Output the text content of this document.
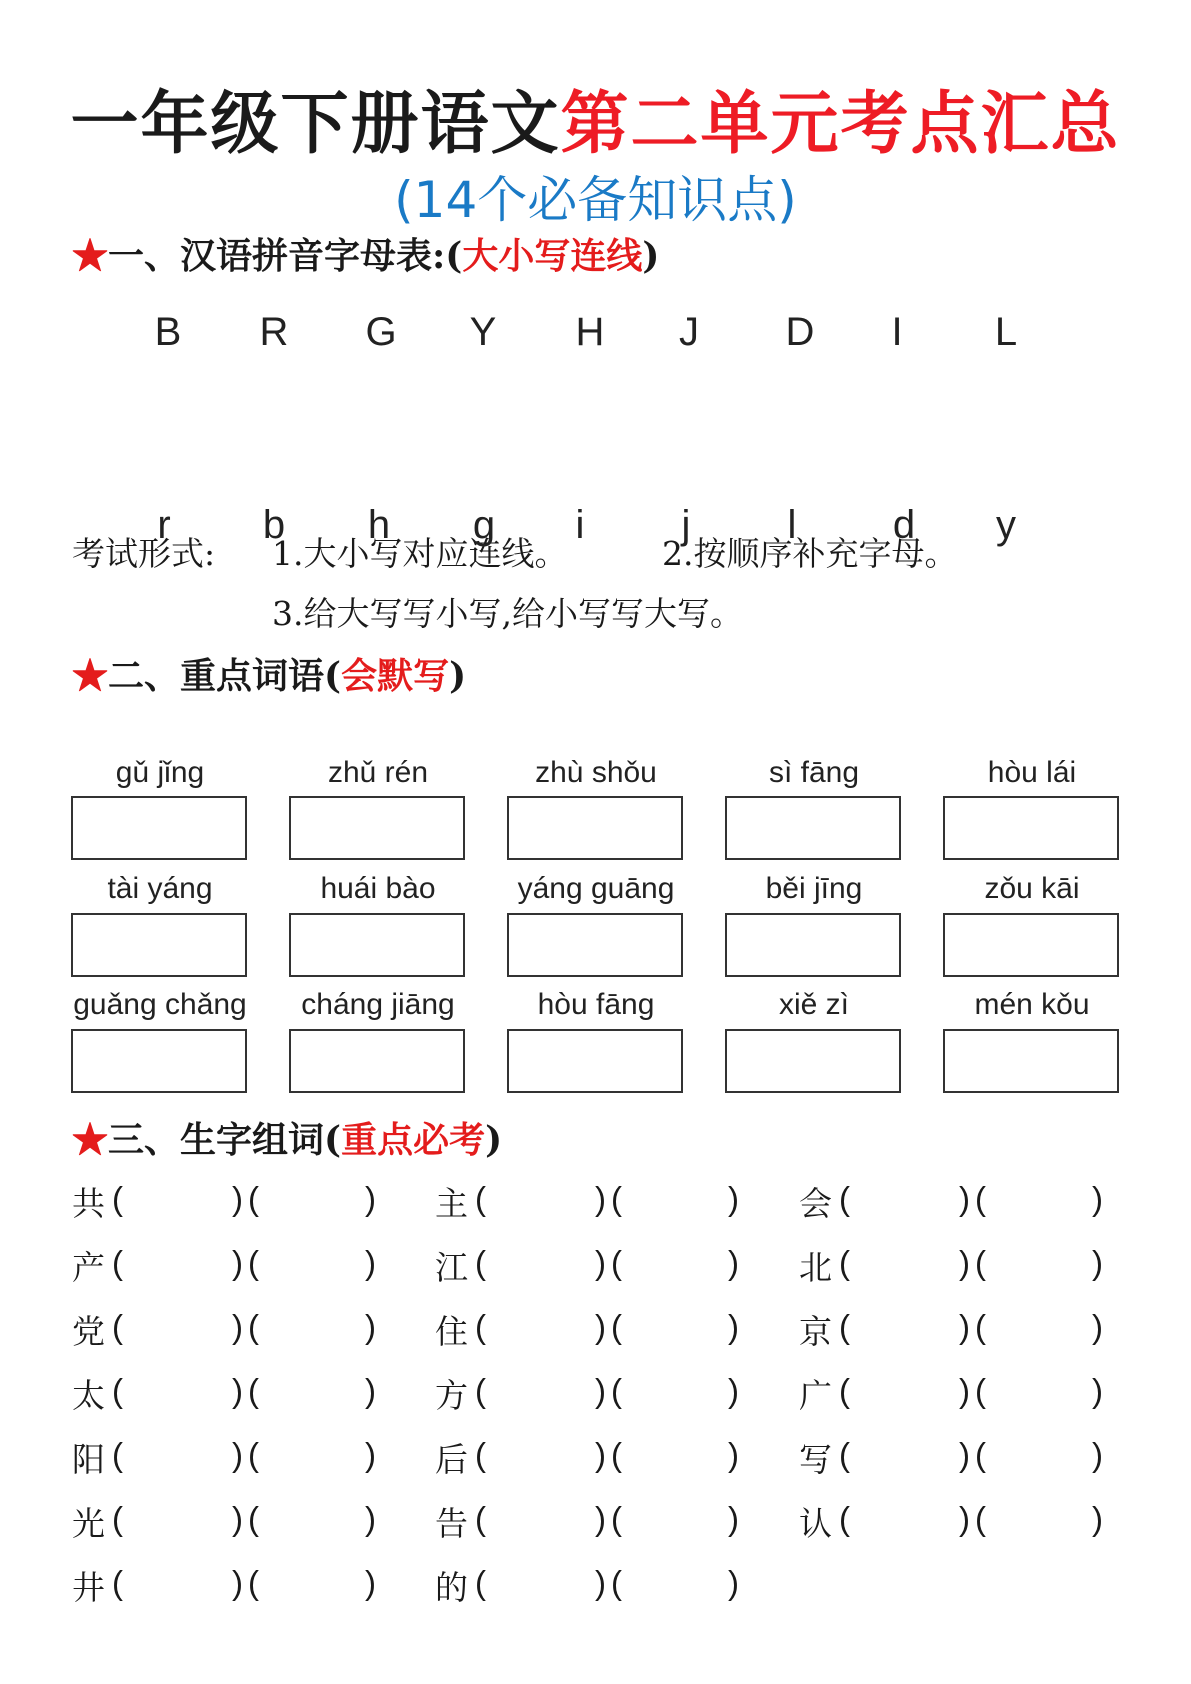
一年级下册语文第二单元考点汇总
(14个必备知识点)
★一、汉语拼音字母表:(大小写连线)
考试形式: 1.大小写对应连线。	2.按顺序补充字母。
3.给大写写小写,给小写写大写。
★二、重点词语(会默写)
★三、生字组词(重点必考)
B	R	G	Y	H	J	D	I	L
r	b	h	g	i	j	l	d	y
gǔ jǐng	zhǔ rén	zhù shǒu	sì fāng	hòu lái
tài yáng	huái bào	yáng guāng	běi jīng	zǒu kāi
guǎng chǎng	cháng jiāng	hòu fāng	xiě zì	mén kǒu
共 (	) (	) 主 (	) (	) 会 (	) (	)
产 (	) (	) 江 (	) (	) 北 (	) (	)
党 (	) (	) 住 (	) (	) 京 (	) (	)
太 (	) (	) 方 (	) (	) 广 (	) (	)
阳 (	) (	) 后 (	) (	) 写 (	) (	)
光 (	) (	) 告 (	) (	) 认 (	) (	)
井 (	) (	) 的 (	) (	)
